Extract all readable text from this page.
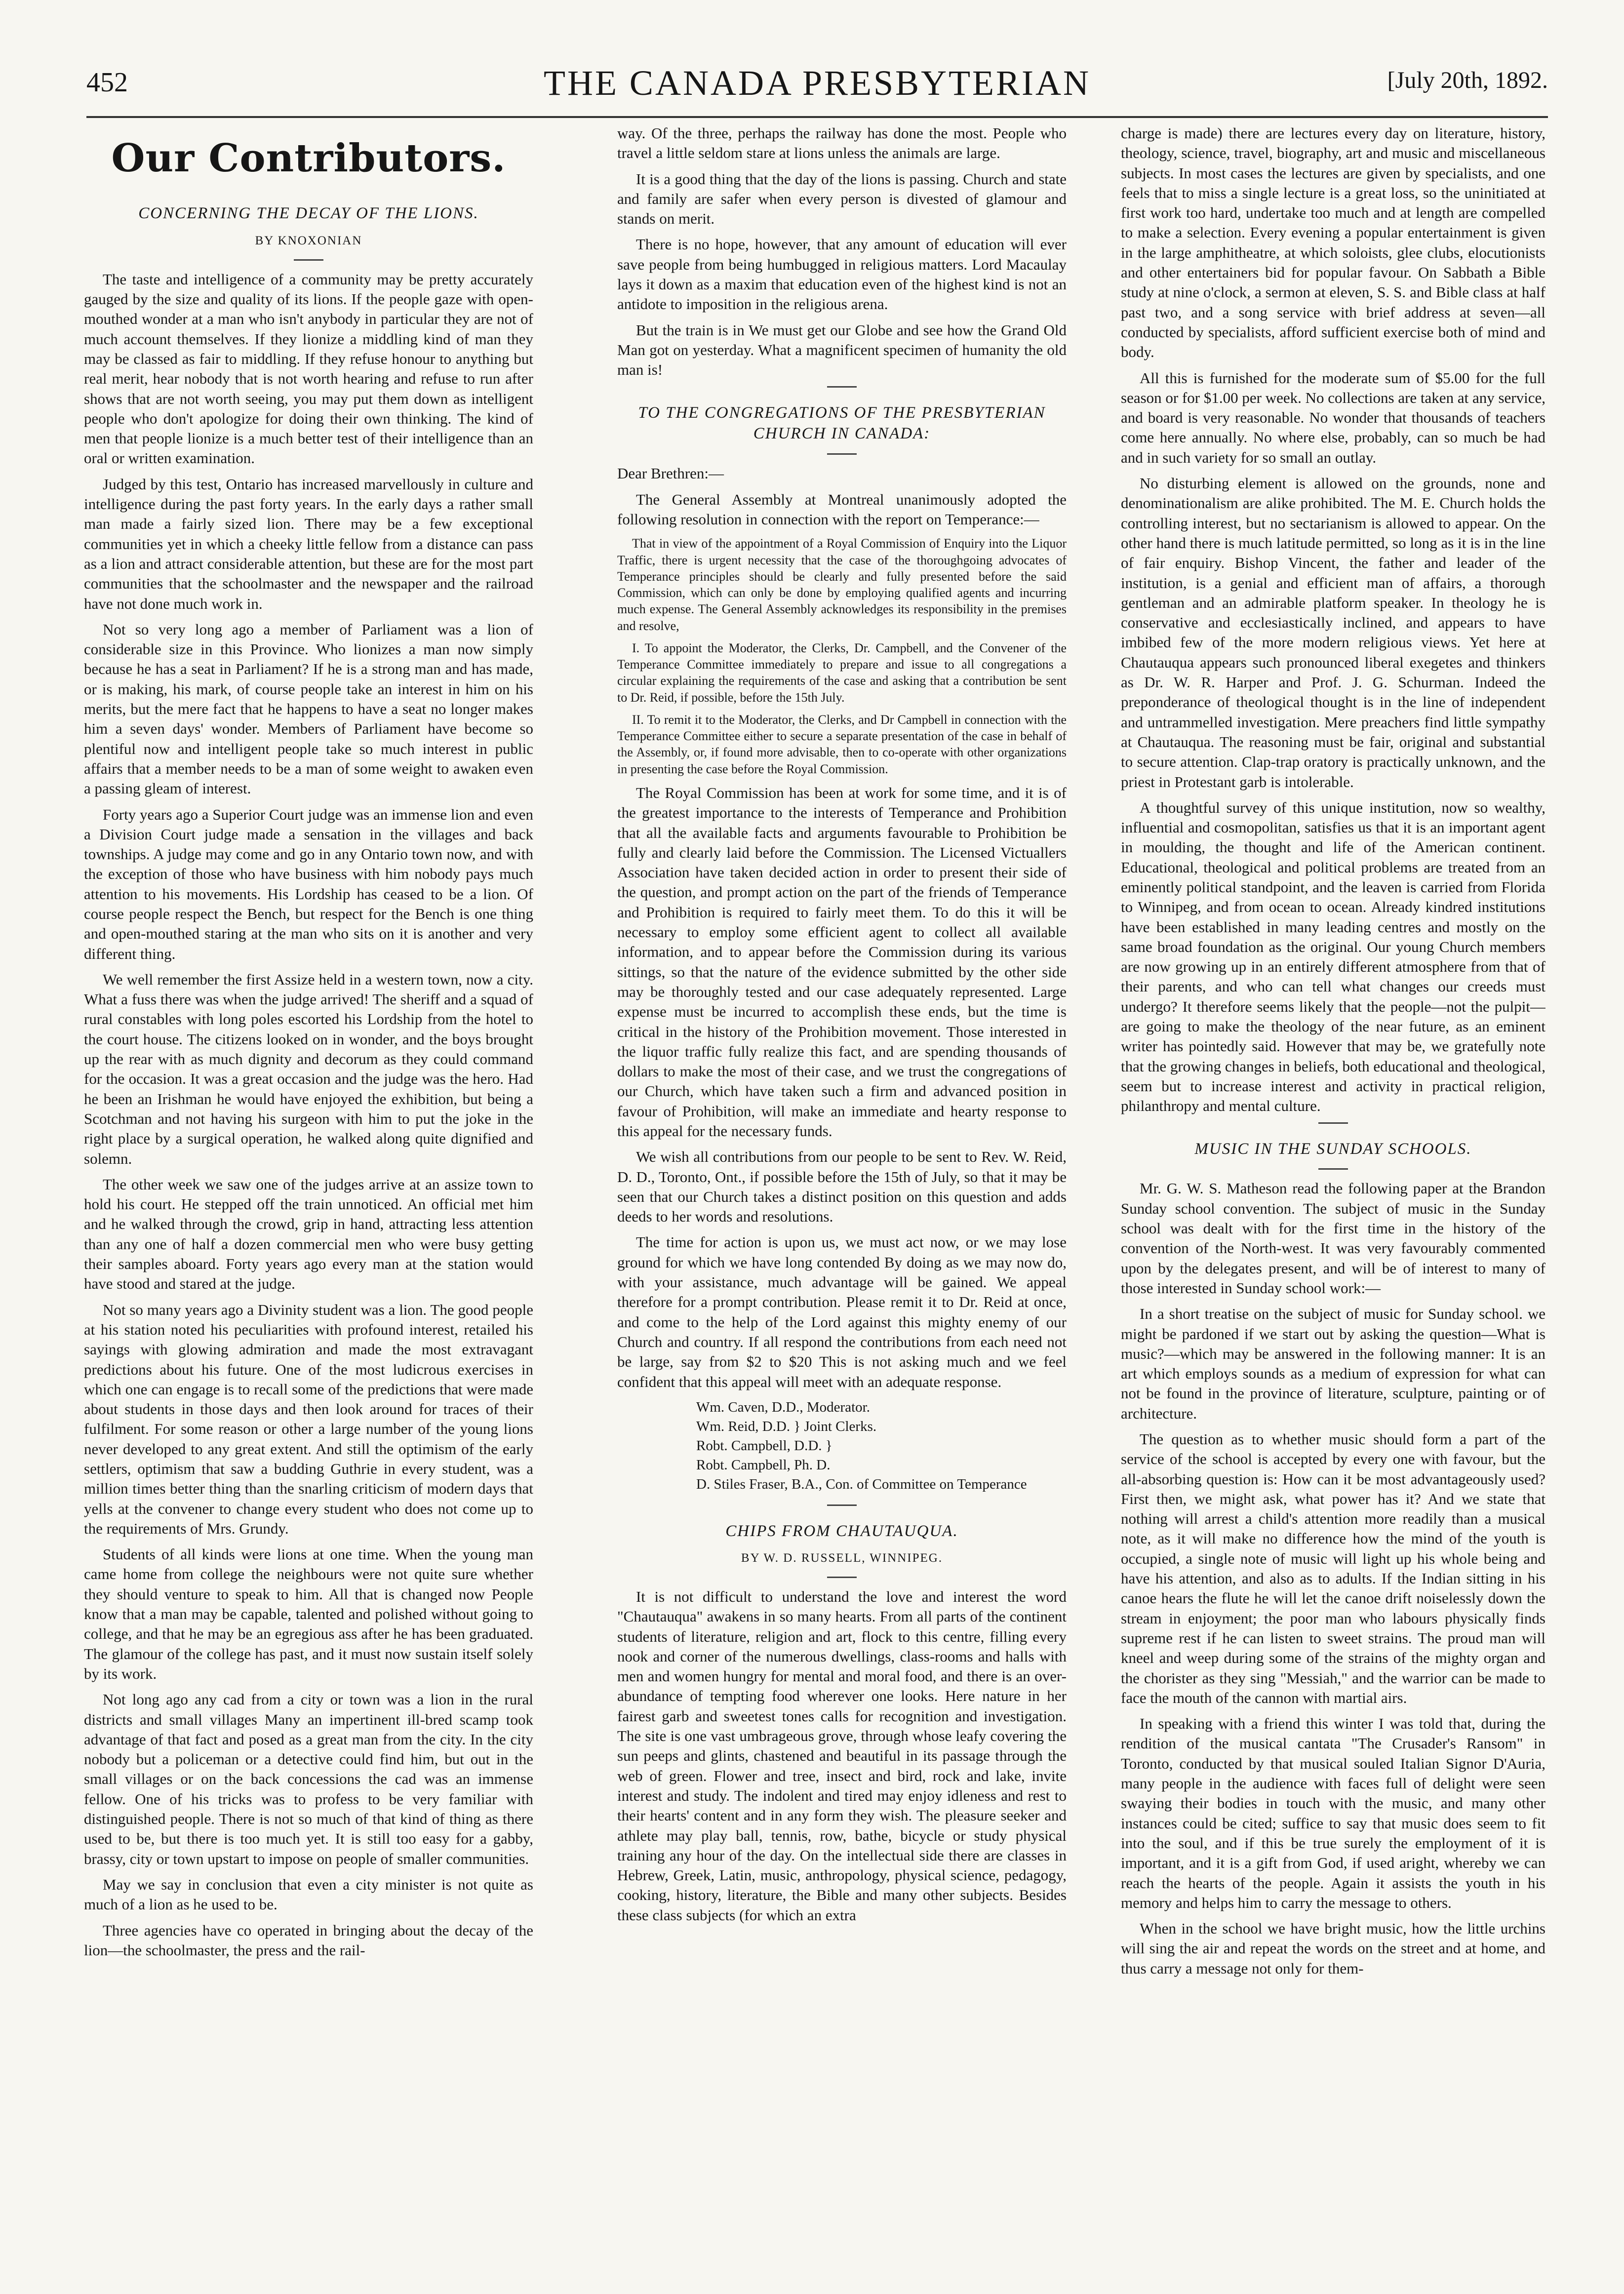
452	THE CANADA PRESBYTERIAN	[July 20th, 1892.
Our Contributors.
CONCERNING THE DECAY OF THE LIONS.
BY KNOXONIAN

The taste and intelligence of a community may be pretty accurately gauged by the size and quality of its lions. If the people gaze with open-mouthed wonder at a man who isn't anybody in particular they are not of much account themselves. If they lionize a middling kind of man they may be classed as fair to middling. If they refuse honour to anything but real merit, hear nobody that is not worth hearing and refuse to run after shows that are not worth seeing, you may put them down as intelligent people who don't apologize for doing their own thinking. The kind of men that people lionize is a much better test of their intelligence than an oral or written examination.

Judged by this test, Ontario has increased marvellously in culture and intelligence during the past forty years. In the early days a rather small man made a fairly sized lion. There may be a few exceptional communities yet in which a cheeky little fellow from a distance can pass as a lion and attract considerable attention, but these are for the most part communities that the schoolmaster and the newspaper and the railroad have not done much work in.

Not so very long ago a member of Parliament was a lion of considerable size in this Province. Who lionizes a man now simply because he has a seat in Parliament? If he is a strong man and has made, or is making, his mark, of course people take an interest in him on his merits, but the mere fact that he happens to have a seat no longer makes him a seven days' wonder. Members of Parliament have become so plentiful now and intelligent people take so much interest in public affairs that a member needs to be a man of some weight to awaken even a passing gleam of interest.

Forty years ago a Superior Court judge was an immense lion and even a Division Court judge made a sensation in the villages and back townships. A judge may come and go in any Ontario town now, and with the exception of those who have business with him nobody pays much attention to his movements. His Lordship has ceased to be a lion. Of course people respect the Bench, but respect for the Bench is one thing and open-mouthed staring at the man who sits on it is another and very different thing.

We well remember the first Assize held in a western town, now a city. What a fuss there was when the judge arrived! The sheriff and a squad of rural constables with long poles escorted his Lordship from the hotel to the court house. The citizens looked on in wonder, and the boys brought up the rear with as much dignity and decorum as they could command for the occasion. It was a great occasion and the judge was the hero. Had he been an Irishman he would have enjoyed the exhibition, but being a Scotchman and not having his surgeon with him to put the joke in the right place by a surgical operation, he walked along quite dignified and solemn.

The other week we saw one of the judges arrive at an assize town to hold his court. He stepped off the train unnoticed. An official met him and he walked through the crowd, grip in hand, attracting less attention than any one of half a dozen commercial men who were busy getting their samples aboard. Forty years ago every man at the station would have stood and stared at the judge.

Not so many years ago a Divinity student was a lion. The good people at his station noted his peculiarities with profound interest, retailed his sayings with glowing admiration and made the most extravagant predictions about his future. One of the most ludicrous exercises in which one can engage is to recall some of the predictions that were made about students in those days and then look around for traces of their fulfilment. For some reason or other a large number of the young lions never developed to any great extent. And still the optimism of the early settlers, optimism that saw a budding Guthrie in every student, was a million times better thing than the snarling criticism of modern days that yells at the convener to change every student who does not come up to the requirements of Mrs. Grundy.

Students of all kinds were lions at one time. When the young man came home from college the neighbours were not quite sure whether they should venture to speak to him. All that is changed now People know that a man may be capable, talented and polished without going to college, and that he may be an egregious ass after he has been graduated. The glamour of the college has past, and it must now sustain itself solely by its work.

Not long ago any cad from a city or town was a lion in the rural districts and small villages Many an impertinent ill-bred scamp took advantage of that fact and posed as a great man from the city. In the city nobody but a policeman or a detective could find him, but out in the small villages or on the back concessions the cad was an immense fellow. One of his tricks was to profess to be very familiar with distinguished people. There is not so much of that kind of thing as there used to be, but there is too much yet. It is still too easy for a gabby, brassy, city or town upstart to impose on people of smaller communities.

May we say in conclusion that even a city minister is not quite as much of a lion as he used to be.

Three agencies have co operated in bringing about the decay of the lion—the schoolmaster, the press and the rail-

way. Of the three, perhaps the railway has done the most. People who travel a little seldom stare at lions unless the animals are large.

It is a good thing that the day of the lions is passing. Church and state and family are safer when every person is divested of glamour and stands on merit.

There is no hope, however, that any amount of education will ever save people from being humbugged in religious matters. Lord Macaulay lays it down as a maxim that education even of the highest kind is not an antidote to imposition in the religious arena.

But the train is in We must get our Globe and see how the Grand Old Man got on yesterday. What a magnificent specimen of humanity the old man is!

TO THE CONGREGATIONS OF THE PRESBYTERIAN CHURCH IN CANADA:

Dear Brethren:—

The General Assembly at Montreal unanimously adopted the following resolution in connection with the report on Temperance:—

That in view of the appointment of a Royal Commission of Enquiry into the Liquor Traffic, there is urgent necessity that the case of the thoroughgoing advocates of Temperance principles should be clearly and fully presented before the said Commission, which can only be done by employing qualified agents and incurring much expense. The General Assembly acknowledges its responsibility in the premises and resolve,

I. To appoint the Moderator, the Clerks, Dr. Campbell, and the Convener of the Temperance Committee immediately to prepare and issue to all congregations a circular explaining the requirements of the case and asking that a contribution be sent to Dr. Reid, if possible, before the 15th July.

II. To remit it to the Moderator, the Clerks, and Dr Campbell in connection with the Temperance Committee either to secure a separate presentation of the case in behalf of the Assembly, or, if found more advisable, then to co-operate with other organizations in presenting the case before the Royal Commission.

The Royal Commission has been at work for some time, and it is of the greatest importance to the interests of Temperance and Prohibition that all the available facts and arguments favourable to Prohibition be fully and clearly laid before the Commission. The Licensed Victuallers Association have taken decided action in order to present their side of the question, and prompt action on the part of the friends of Temperance and Prohibition is required to fairly meet them. To do this it will be necessary to employ some efficient agent to collect all available information, and to appear before the Commission during its various sittings, so that the nature of the evidence submitted by the other side may be thoroughly tested and our case adequately represented. Large expense must be incurred to accomplish these ends, but the time is critical in the history of the Prohibition movement. Those interested in the liquor traffic fully realize this fact, and are spending thousands of dollars to make the most of their case, and we trust the congregations of our Church, which have taken such a firm and advanced position in favour of Prohibition, will make an immediate and hearty response to this appeal for the necessary funds.

We wish all contributions from our people to be sent to Rev. W. Reid, D. D., Toronto, Ont., if possible before the 15th of July, so that it may be seen that our Church takes a distinct position on this question and adds deeds to her words and resolutions.

The time for action is upon us, we must act now, or we may lose ground for which we have long contended By doing as we may now do, with your assistance, much advantage will be gained. We appeal therefore for a prompt contribution. Please remit it to Dr. Reid at once, and come to the help of the Lord against this mighty enemy of our Church and country. If all respond the contributions from each need not be large, say from $2 to $20 This is not asking much and we feel confident that this appeal will meet with an adequate response.

Wm. Caven, D.D., Moderator.
Wm. Reid, D.D. } Joint Clerks.
Robt. Campbell, D.D. }
Robt. Campbell, Ph. D.
D. Stiles Fraser, B.A., Con. of Committee on Temperance
CHIPS FROM CHAUTAUQUA.
BY W. D. RUSSELL, WINNIPEG.

It is not difficult to understand the love and interest the word "Chautauqua" awakens in so many hearts. From all parts of the continent students of literature, religion and art, flock to this centre, filling every nook and corner of the numerous dwellings, class-rooms and halls with men and women hungry for mental and moral food, and there is an over-abundance of tempting food wherever one looks. Here nature in her fairest garb and sweetest tones calls for recognition and investigation. The site is one vast umbrageous grove, through whose leafy covering the sun peeps and glints, chastened and beautiful in its passage through the web of green. Flower and tree, insect and bird, rock and lake, invite interest and study. The indolent and tired may enjoy idleness and rest to their hearts' content and in any form they wish. The pleasure seeker and athlete may play ball, tennis, row, bathe, bicycle or study physical training any hour of the day. On the intellectual side there are classes in Hebrew, Greek, Latin, music, anthropology, physical science, pedagogy, cooking, history, literature, the Bible and many other subjects. Besides these class subjects (for which an extra

charge is made) there are lectures every day on literature, history, theology, science, travel, biography, art and music and miscellaneous subjects. In most cases the lectures are given by specialists, and one feels that to miss a single lecture is a great loss, so the uninitiated at first work too hard, undertake too much and at length are compelled to make a selection. Every evening a popular entertainment is given in the large amphitheatre, at which soloists, glee clubs, elocutionists and other entertainers bid for popular favour. On Sabbath a Bible study at nine o'clock, a sermon at eleven, S. S. and Bible class at half past two, and a song service with brief address at seven—all conducted by specialists, afford sufficient exercise both of mind and body.

All this is furnished for the moderate sum of $5.00 for the full season or for $1.00 per week. No collections are taken at any service, and board is very reasonable. No wonder that thousands of teachers come here annually. No where else, probably, can so much be had and in such variety for so small an outlay.

No disturbing element is allowed on the grounds, none and denominationalism are alike prohibited. The M. E. Church holds the controlling interest, but no sectarianism is allowed to appear. On the other hand there is much latitude permitted, so long as it is in the line of fair enquiry. Bishop Vincent, the father and leader of the institution, is a genial and efficient man of affairs, a thorough gentleman and an admirable platform speaker. In theology he is conservative and ecclesiastically inclined, and appears to have imbibed few of the more modern religious views. Yet here at Chautauqua appears such pronounced liberal exegetes and thinkers as Dr. W. R. Harper and Prof. J. G. Schurman. Indeed the preponderance of theological thought is in the line of independent and untrammelled investigation. Mere preachers find little sympathy at Chautauqua. The reasoning must be fair, original and substantial to secure attention. Clap-trap oratory is practically unknown, and the priest in Protestant garb is intolerable.

A thoughtful survey of this unique institution, now so wealthy, influential and cosmopolitan, satisfies us that it is an important agent in moulding, the thought and life of the American continent. Educational, theological and political problems are treated from an eminently political standpoint, and the leaven is carried from Florida to Winnipeg, and from ocean to ocean. Already kindred institutions have been established in many leading centres and mostly on the same broad foundation as the original. Our young Church members are now growing up in an entirely different atmosphere from that of their parents, and who can tell what changes our creeds must undergo? It therefore seems likely that the people—not the pulpit—are going to make the theology of the near future, as an eminent writer has pointedly said. However that may be, we gratefully note that the growing changes in beliefs, both educational and theological, seem but to increase interest and activity in practical religion, philanthropy and mental culture.

MUSIC IN THE SUNDAY SCHOOLS.

Mr. G. W. S. Matheson read the following paper at the Brandon Sunday school convention. The subject of music in the Sunday school was dealt with for the first time in the history of the convention of the North-west. It was very favourably commented upon by the delegates present, and will be of interest to many of those interested in Sunday school work:—

In a short treatise on the subject of music for Sunday school. we might be pardoned if we start out by asking the question—What is music?—which may be answered in the following manner: It is an art which employs sounds as a medium of expression for what can not be found in the province of literature, sculpture, painting or of architecture.

The question as to whether music should form a part of the service of the school is accepted by every one with favour, but the all-absorbing question is: How can it be most advantageously used? First then, we might ask, what power has it? And we state that nothing will arrest a child's attention more readily than a musical note, as it will make no difference how the mind of the youth is occupied, a single note of music will light up his whole being and have his attention, and also as to adults. If the Indian sitting in his canoe hears the flute he will let the canoe drift noiselessly down the stream in enjoyment; the poor man who labours physically finds supreme rest if he can listen to sweet strains. The proud man will kneel and weep during some of the strains of the mighty organ and the chorister as they sing "Messiah," and the warrior can be made to face the mouth of the cannon with martial airs.

In speaking with a friend this winter I was told that, during the rendition of the musical cantata "The Crusader's Ransom" in Toronto, conducted by that musical souled Italian Signor D'Auria, many people in the audience with faces full of delight were seen swaying their bodies in touch with the music, and many other instances could be cited; suffice to say that music does seem to fit into the soul, and if this be true surely the employment of it is important, and it is a gift from God, if used aright, whereby we can reach the hearts of the people. Again it assists the youth in his memory and helps him to carry the message to others.

When in the school we have bright music, how the little urchins will sing the air and repeat the words on the street and at home, and thus carry a message not only for them-
